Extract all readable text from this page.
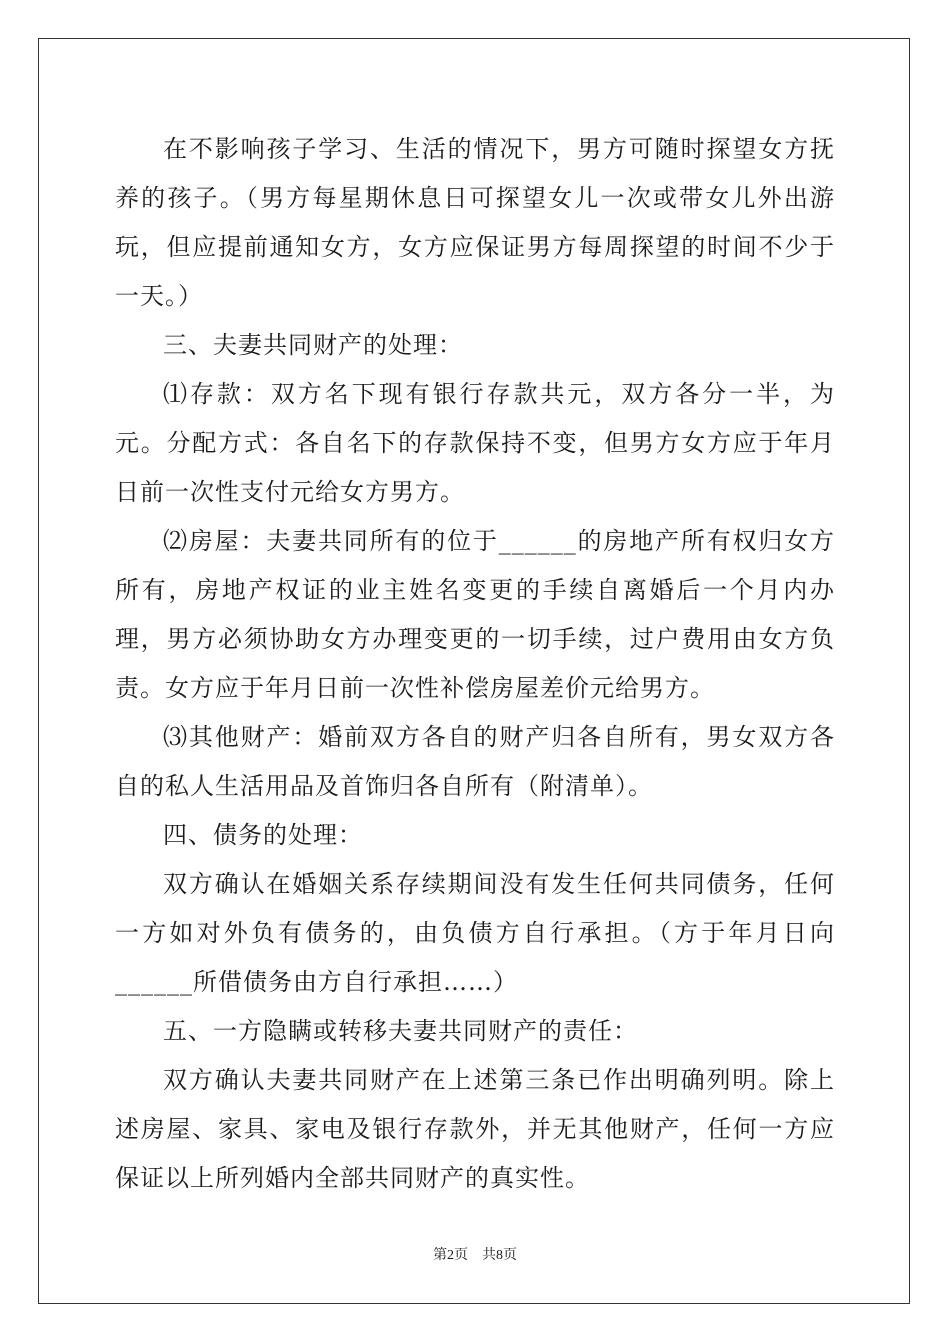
在不影响孩子学习、生活的情况下，男方可随时探望女方抚养的孩子。（男方每星期休息日可探望女儿一次或带女儿外出游玩，但应提前通知女方，女方应保证男方每周探望的时间不少于一天。）

三、夫妻共同财产的处理：

⑴存款：双方名下现有银行存款共元，双方各分一半，为元。分配方式：各自名下的存款保持不变，但男方女方应于年月日前一次性支付元给女方男方。

⑵房屋：夫妻共同所有的位于______的房地产所有权归女方所有，房地产权证的业主姓名变更的手续自离婚后一个月内办理，男方必须协助女方办理变更的一切手续，过户费用由女方负责。女方应于年月日前一次性补偿房屋差价元给男方。

⑶其他财产：婚前双方各自的财产归各自所有，男女双方各自的私人生活用品及首饰归各自所有（附清单）。

四、债务的处理：

双方确认在婚姻关系存续期间没有发生任何共同债务，任何一方如对外负有债务的，由负债方自行承担。（方于年月日向______所借债务由方自行承担……）

五、一方隐瞒或转移夫妻共同财产的责任：

双方确认夫妻共同财产在上述第三条已作出明确列明。除上述房屋、家具、家电及银行存款外，并无其他财产，任何一方应保证以上所列婚内全部共同财产的真实性。

第2页　共8页
